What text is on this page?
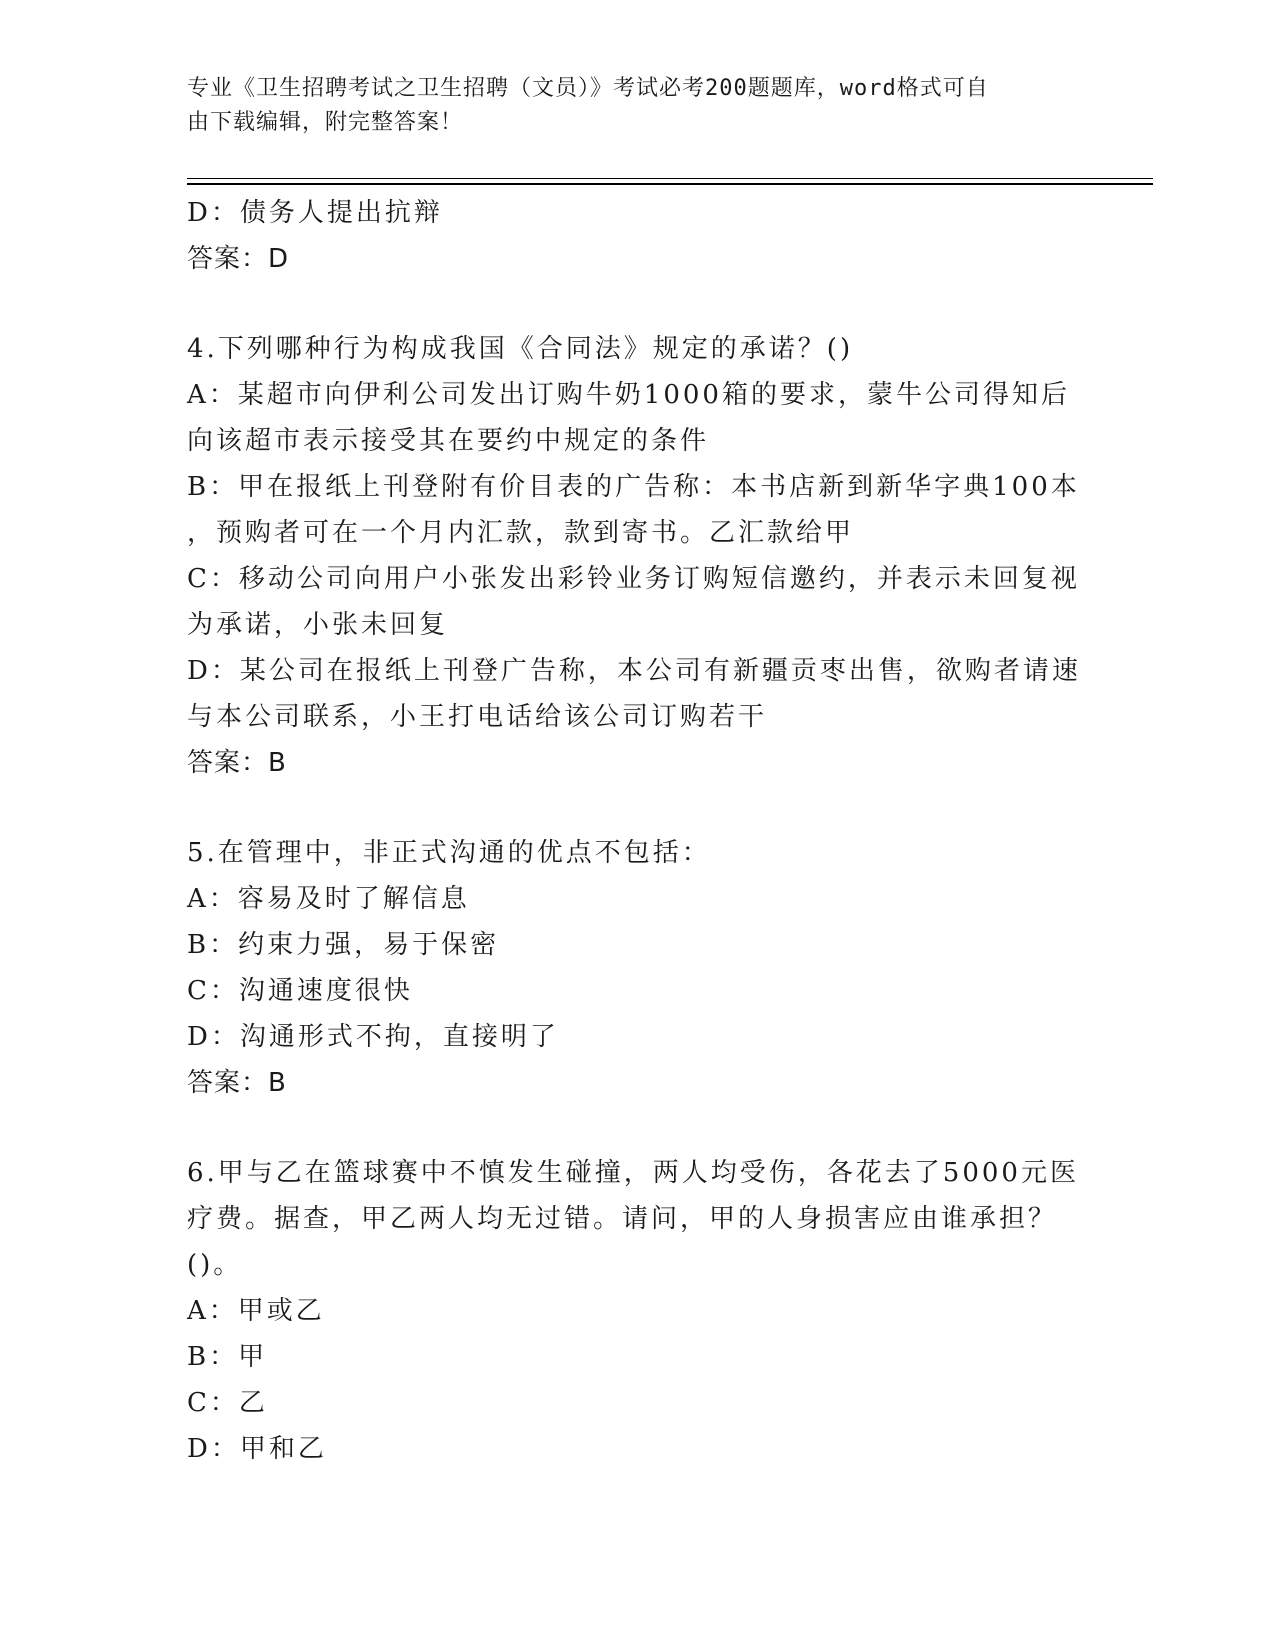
专业《卫生招聘考试之卫生招聘（文员）》考试必考200题题库，word格式可自
由下载编辑，附完整答案！
D：债务人提出抗辩
答案：D
4.下列哪种行为构成我国《合同法》规定的承诺？()
A：某超市向伊利公司发出订购牛奶1000箱的要求，蒙牛公司得知后
向该超市表示接受其在要约中规定的条件
B：甲在报纸上刊登附有价目表的广告称：本书店新到新华字典100本
，预购者可在一个月内汇款，款到寄书。乙汇款给甲
C：移动公司向用户小张发出彩铃业务订购短信邀约，并表示未回复视
为承诺，小张未回复
D：某公司在报纸上刊登广告称，本公司有新疆贡枣出售，欲购者请速
与本公司联系，小王打电话给该公司订购若干
答案：B
5.在管理中，非正式沟通的优点不包括：
A：容易及时了解信息
B：约束力强，易于保密
C：沟通速度很快
D：沟通形式不拘，直接明了
答案：B
6.甲与乙在篮球赛中不慎发生碰撞，两人均受伤，各花去了5000元医
疗费。据查，甲乙两人均无过错。请问，甲的人身损害应由谁承担？
()。
A：甲或乙
B：甲
C：乙
D：甲和乙
